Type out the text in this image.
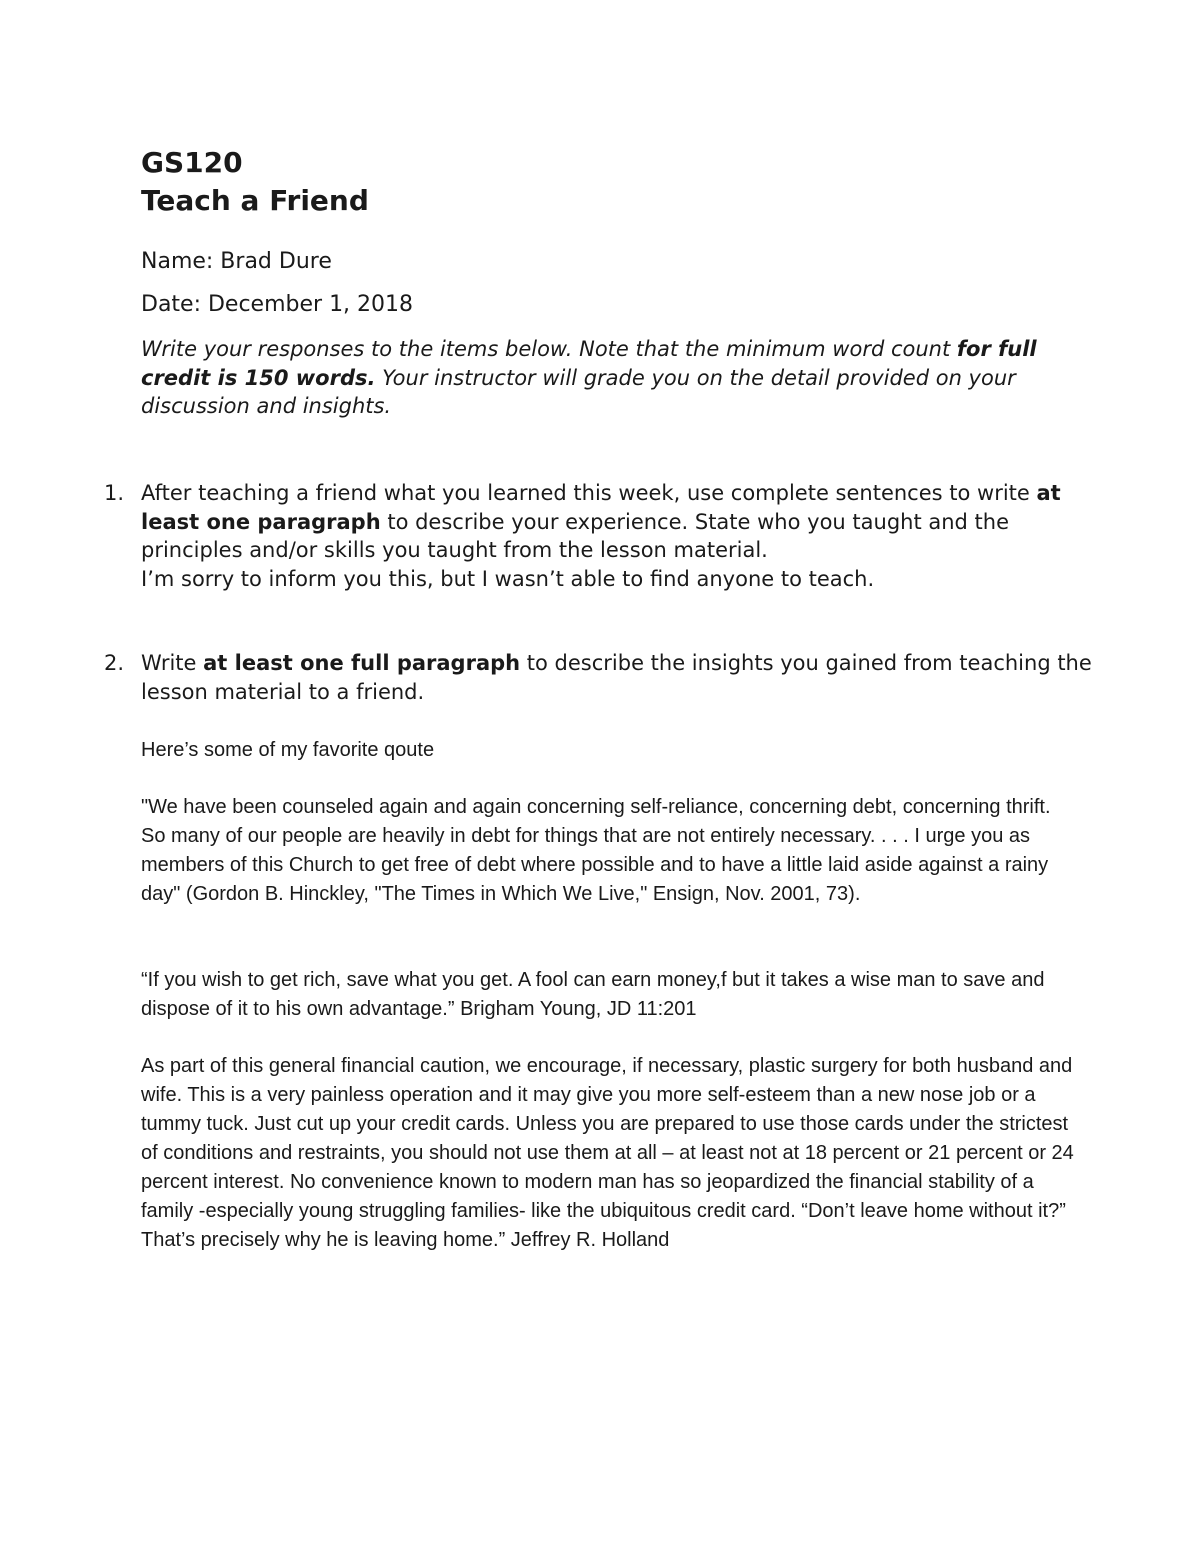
GS120
Teach a Friend

Name: Brad Dure

Date: December 1, 2018

Write your responses to the items below. Note that the minimum word count for full credit is 150 words. Your instructor will grade you on the detail provided on your discussion and insights.

1. After teaching a friend what you learned this week, use complete sentences to write at least one paragraph to describe your experience. State who you taught and the principles and/or skills you taught from the lesson material.
I’m sorry to inform you this, but I wasn’t able to find anyone to teach.
2. Write at least one full paragraph to describe the insights you gained from teaching the lesson material to a friend.

Here’s some of my favorite qoute

"We have been counseled again and again concerning self-reliance, concerning debt, concerning thrift. So many of our people are heavily in debt for things that are not entirely necessary. . . . I urge you as members of this Church to get free of debt where possible and to have a little laid aside against a rainy day" (Gordon B. Hinckley, "The Times in Which We Live," Ensign, Nov. 2001, 73).

“If you wish to get rich, save what you get. A fool can earn money,f but it takes a wise man to save and dispose of it to his own advantage.” Brigham Young, JD 11:201

As part of this general financial caution, we encourage, if necessary, plastic surgery for both husband and wife. This is a very painless operation and it may give you more self-esteem than a new nose job or a tummy tuck. Just cut up your credit cards. Unless you are prepared to use those cards under the strictest of conditions and restraints, you should not use them at all – at least not at 18 percent or 21 percent or 24 percent interest. No convenience known to modern man has so jeopardized the financial stability of a family -especially young struggling families- like the ubiquitous credit card. “Don’t leave home without it?” That’s precisely why he is leaving home.” Jeffrey R. Holland
